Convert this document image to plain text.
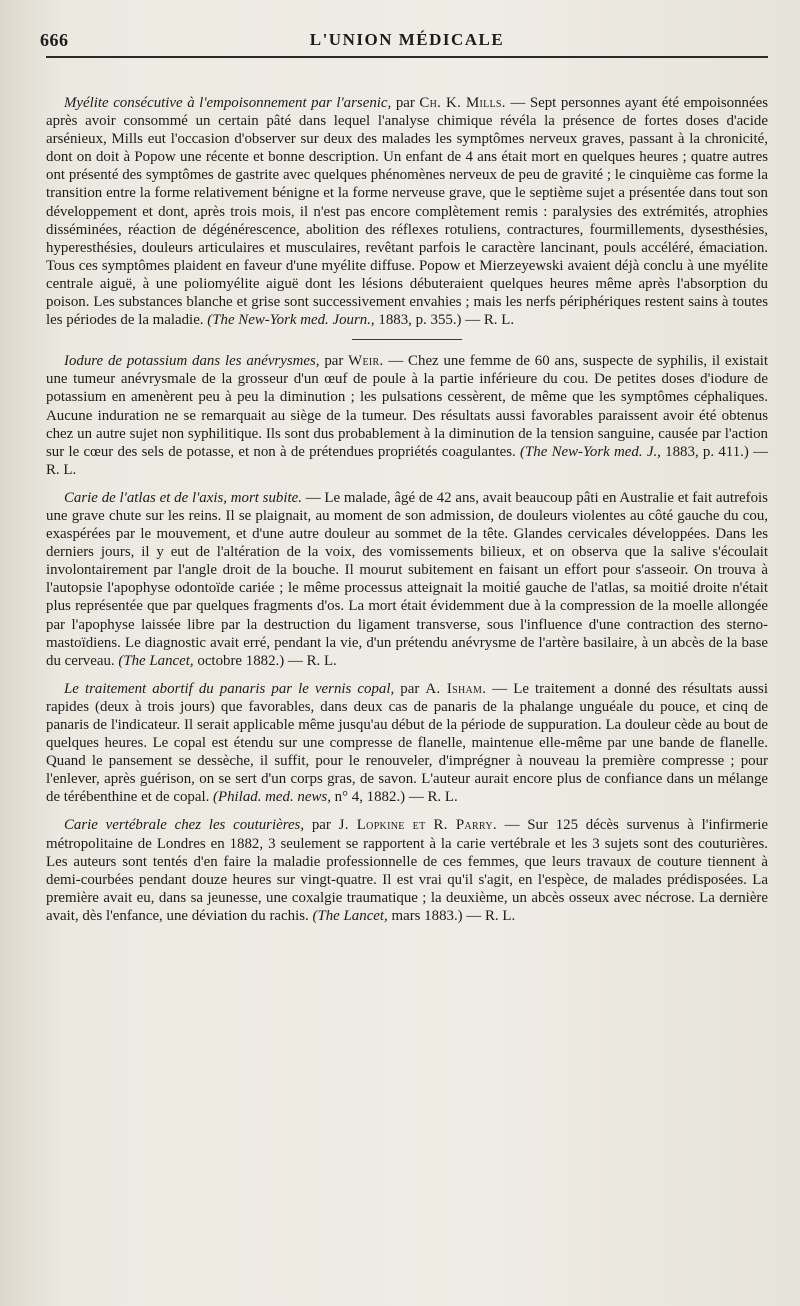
666	L'UNION MÉDICALE

Myélite consécutive à l'empoisonnement par l'arsenic, par Ch. K. Mills. — Sept personnes ayant été empoisonnées après avoir consommé un certain pâté dans lequel l'analyse chimique révéla la présence de fortes doses d'acide arsénieux, Mills eut l'occasion d'observer sur deux des malades les symptômes nerveux graves, passant à la chronicité, dont on doit à Popow une récente et bonne description. Un enfant de 4 ans était mort en quelques heures ; quatre autres ont présenté des symptômes de gastrite avec quelques phénomènes nerveux de peu de gravité ; le cinquième cas forme la transition entre la forme relativement bénigne et la forme nerveuse grave, que le septième sujet a présentée dans tout son développement et dont, après trois mois, il n'est pas encore complètement remis : paralysies des extrémités, atrophies disséminées, réaction de dégénérescence, abolition des réflexes rotuliens, contractures, fourmillements, dysesthésies, hyperesthésies, douleurs articulaires et musculaires, revêtant parfois le caractère lancinant, pouls accéléré, émaciation. Tous ces symptômes plaident en faveur d'une myélite diffuse. Popow et Mierzeyewski avaient déjà conclu à une myélite centrale aiguë, à une poliomyélite aiguë dont les lésions débuteraient quelques heures même après l'absorption du poison. Les substances blanche et grise sont successivement envahies ; mais les nerfs périphériques restent sains à toutes les périodes de la maladie. (The New-York med. Journ., 1883, p. 355.) — R. L.

Iodure de potassium dans les anévrysmes, par Weir. — Chez une femme de 60 ans, suspecte de syphilis, il existait une tumeur anévrysmale de la grosseur d'un œuf de poule à la partie inférieure du cou. De petites doses d'iodure de potassium en amenèrent peu à peu la diminution ; les pulsations cessèrent, de même que les symptômes céphaliques. Aucune induration ne se remarquait au siège de la tumeur. Des résultats aussi favorables paraissent avoir été obtenus chez un autre sujet non syphilitique. Ils sont dus probablement à la diminution de la tension sanguine, causée par l'action sur le cœur des sels de potasse, et non à de prétendues propriétés coagulantes. (The New-York med. J., 1883, p. 411.) — R. L.

Carie de l'atlas et de l'axis, mort subite. — Le malade, âgé de 42 ans, avait beaucoup pâti en Australie et fait autrefois une grave chute sur les reins. Il se plaignait, au moment de son admission, de douleurs violentes au côté gauche du cou, exaspérées par le mouvement, et d'une autre douleur au sommet de la tête. Glandes cervicales développées. Dans les derniers jours, il y eut de l'altération de la voix, des vomissements bilieux, et on observa que la salive s'écoulait involontairement par l'angle droit de la bouche. Il mourut subitement en faisant un effort pour s'asseoir. On trouva à l'autopsie l'apophyse odontoïde cariée ; le même processus atteignait la moitié gauche de l'atlas, sa moitié droite n'était plus représentée que par quelques fragments d'os. La mort était évidemment due à la compression de la moelle allongée par l'apophyse laissée libre par la destruction du ligament transverse, sous l'influence d'une contraction des sterno-mastoïdiens. Le diagnostic avait erré, pendant la vie, d'un prétendu anévrysme de l'artère basilaire, à un abcès de la base du cerveau. (The Lancet, octobre 1882.) — R. L.

Le traitement abortif du panaris par le vernis copal, par A. Isham. — Le traitement a donné des résultats aussi rapides (deux à trois jours) que favorables, dans deux cas de panaris de la phalange unguéale du pouce, et cinq de panaris de l'indicateur. Il serait applicable même jusqu'au début de la période de suppuration. La douleur cède au bout de quelques heures. Le copal est étendu sur une compresse de flanelle, maintenue elle-même par une bande de flanelle. Quand le pansement se dessèche, il suffit, pour le renouveler, d'imprégner à nouveau la première compresse ; pour l'enlever, après guérison, on se sert d'un corps gras, de savon. L'auteur aurait encore plus de confiance dans un mélange de térébenthine et de copal. (Philad. med. news, n° 4, 1882.) — R. L.

Carie vertébrale chez les couturières, par J. Lopkine et R. Parry. — Sur 125 décès survenus à l'infirmerie métropolitaine de Londres en 1882, 3 seulement se rapportent à la carie vertébrale et les 3 sujets sont des couturières. Les auteurs sont tentés d'en faire la maladie professionnelle de ces femmes, que leurs travaux de couture tiennent à demi-courbées pendant douze heures sur vingt-quatre. Il est vrai qu'il s'agit, en l'espèce, de malades prédisposées. La première avait eu, dans sa jeunesse, une coxalgie traumatique ; la deuxième, un abcès osseux avec nécrose. La dernière avait, dès l'enfance, une déviation du rachis. (The Lancet, mars 1883.) — R. L.
